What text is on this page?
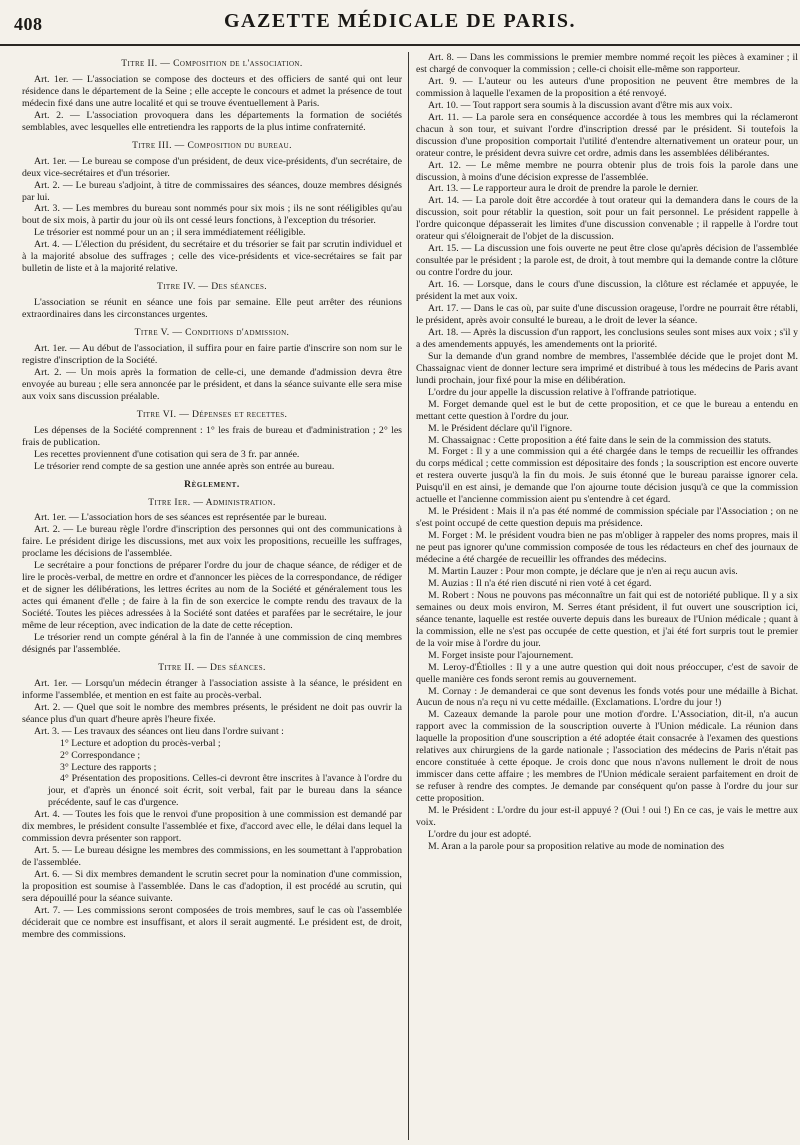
408	GAZETTE MÉDICALE DE PARIS.
Titre II. — Composition de l'association.

Art. 1er. — L'association se compose des docteurs et des officiers de santé qui ont leur résidence dans le département de la Seine ; elle accepte le concours et admet la présence de tout médecin fixé dans une autre localité et qui se trouve éventuellement à Paris.

Art. 2. — L'association provoquera dans les départements la formation de sociétés semblables, avec lesquelles elle entretiendra les rapports de la plus intime confraternité.

Titre III. — Composition du bureau.

Art. 1er. — Le bureau se compose d'un président, de deux vice-présidents, d'un secrétaire, de deux vice-secrétaires et d'un trésorier.

Art. 2. — Le bureau s'adjoint, à titre de commissaires des séances, douze membres désignés par lui.

Art. 3. — Les membres du bureau sont nommés pour six mois ; ils ne sont rééligibles qu'au bout de six mois, à partir du jour où ils ont cessé leurs fonctions, à l'exception du trésorier.

Le trésorier est nommé pour un an ; il sera immédiatement rééligible.

Art. 4. — L'élection du président, du secrétaire et du trésorier se fait par scrutin individuel et à la majorité absolue des suffrages ; celle des vice-présidents et vice-secrétaires se fait par bulletin de liste et à la majorité relative.

Titre IV. — Des séances.

L'association se réunit en séance une fois par semaine. Elle peut arrêter des réunions extraordinaires dans les circonstances urgentes.

Titre V. — Conditions d'admission.

Art. 1er. — Au début de l'association, il suffira pour en faire partie d'inscrire son nom sur le registre d'inscription de la Société.

Art. 2. — Un mois après la formation de celle-ci, une demande d'admission devra être envoyée au bureau ; elle sera annoncée par le président, et dans la séance suivante elle sera mise aux voix sans discussion préalable.

Titre VI. — Dépenses et recettes.

Les dépenses de la Société comprennent : 1° les frais de bureau et d'administration ; 2° les frais de publication.

Les recettes proviennent d'une cotisation qui sera de 3 fr. par année.

Le trésorier rend compte de sa gestion une année après son entrée au bureau.

Règlement.
Titre Ier. — Administration.

Art. 1er. — L'association hors de ses séances est représentée par le bureau.

Art. 2. — Le bureau règle l'ordre d'inscription des personnes qui ont des communications à faire. Le président dirige les discussions, met aux voix les propositions, recueille les suffrages, proclame les décisions de l'assemblée.

Le secrétaire a pour fonctions de préparer l'ordre du jour de chaque séance, de rédiger et de lire le procès-verbal, de mettre en ordre et d'annoncer les pièces de la correspondance, de rédiger et de signer les délibérations, les lettres écrites au nom de la Société et généralement tous les actes qui émanent d'elle ; de faire à la fin de son exercice le compte rendu des travaux de la Société. Toutes les pièces adressées à la Société sont datées et parafées par le secrétaire, le jour même de leur réception, avec indication de la date de cette réception.

Le trésorier rend un compte général à la fin de l'année à une commission de cinq membres désignés par l'assemblée.

Titre II. — Des séances.

Art. 1er. — Lorsqu'un médecin étranger à l'association assiste à la séance, le président en informe l'assemblée, et mention en est faite au procès-verbal.

Art. 2. — Quel que soit le nombre des membres présents, le président ne doit pas ouvrir la séance plus d'un quart d'heure après l'heure fixée.

Art. 3. — Les travaux des séances ont lieu dans l'ordre suivant :

1° Lecture et adoption du procès-verbal ;

2° Correspondance ;

3° Lecture des rapports ;

4° Présentation des propositions. Celles-ci devront être inscrites à l'avance à l'ordre du jour, et d'après un énoncé soit écrit, soit verbal, fait par le bureau dans la séance précédente, sauf le cas d'urgence.

Art. 4. — Toutes les fois que le renvoi d'une proposition à une commission est demandé par dix membres, le président consulte l'assemblée et fixe, d'accord avec elle, le délai dans lequel la commission devra présenter son rapport.

Art. 5. — Le bureau désigne les membres des commissions, en les soumettant à l'approbation de l'assemblée.

Art. 6. — Si dix membres demandent le scrutin secret pour la nomination d'une commission, la proposition est soumise à l'assemblée. Dans le cas d'adoption, il est procédé au scrutin, qui sera dépouillé pour la séance suivante.

Art. 7. — Les commissions seront composées de trois membres, sauf le cas où l'assemblée déciderait que ce nombre est insuffisant, et alors il serait augmenté. Le président est, de droit, membre des commissions.

Art. 8. — Dans les commissions le premier membre nommé reçoit les pièces à examiner ; il est chargé de convoquer la commission ; celle-ci choisit elle-même son rapporteur.

Art. 9. — L'auteur ou les auteurs d'une proposition ne peuvent être membres de la commission à laquelle l'examen de la proposition a été renvoyé.

Art. 10. — Tout rapport sera soumis à la discussion avant d'être mis aux voix.

Art. 11. — La parole sera en conséquence accordée à tous les membres qui la réclameront chacun à son tour, et suivant l'ordre d'inscription dressé par le président. Si toutefois la discussion d'une proposition comportait l'utilité d'entendre alternativement un orateur pour, un orateur contre, le président devra suivre cet ordre, admis dans les assemblées délibérantes.

Art. 12. — Le même membre ne pourra obtenir plus de trois fois la parole dans une discussion, à moins d'une décision expresse de l'assemblée.

Art. 13. — Le rapporteur aura le droit de prendre la parole le dernier.

Art. 14. — La parole doit être accordée à tout orateur qui la demandera dans le cours de la discussion, soit pour rétablir la question, soit pour un fait personnel. Le président rappelle à l'ordre quiconque dépasserait les limites d'une discussion convenable ; il rappelle à l'ordre tout orateur qui s'éloignerait de l'objet de la discussion.

Art. 15. — La discussion une fois ouverte ne peut être close qu'après décision de l'assemblée consultée par le président ; la parole est, de droit, à tout membre qui la demande contre la clôture ou contre l'ordre du jour.

Art. 16. — Lorsque, dans le cours d'une discussion, la clôture est réclamée et appuyée, le président la met aux voix.

Art. 17. — Dans le cas où, par suite d'une discussion orageuse, l'ordre ne pourrait être rétabli, le président, après avoir consulté le bureau, a le droit de lever la séance.

Art. 18. — Après la discussion d'un rapport, les conclusions seules sont mises aux voix ; s'il y a des amendements appuyés, les amendements ont la priorité.

Sur la demande d'un grand nombre de membres, l'assemblée décide que le projet dont M. Chassaignac vient de donner lecture sera imprimé et distribué à tous les médecins de Paris avant lundi prochain, jour fixé pour la mise en délibération.

L'ordre du jour appelle la discussion relative à l'offrande patriotique.

M. Forget demande quel est le but de cette proposition, et ce que le bureau a entendu en mettant cette question à l'ordre du jour.

M. le Président déclare qu'il l'ignore.

M. Chassaignac : Cette proposition a été faite dans le sein de la commission des statuts.

M. Forget : Il y a une commission qui a été chargée dans le temps de recueillir les offrandes du corps médical ; cette commission est dépositaire des fonds ; la souscription est encore ouverte et restera ouverte jusqu'à la fin du mois. Je suis étonné que le bureau paraisse ignorer cela. Puisqu'il en est ainsi, je demande que l'on ajourne toute décision jusqu'à ce que la commission actuelle et l'ancienne commission aient pu s'entendre à cet égard.

M. le Président : Mais il n'a pas été nommé de commission spéciale par l'Association ; on ne s'est point occupé de cette question depuis ma présidence.

M. Forget : M. le président voudra bien ne pas m'obliger à rappeler des noms propres, mais il ne peut pas ignorer qu'une commission composée de tous les rédacteurs en chef des journaux de médecine a été chargée de recueillir les offrandes des médecins.

M. Martin Lauzer : Pour mon compte, je déclare que je n'en ai reçu aucun avis.

M. Auzias : Il n'a été rien discuté ni rien voté à cet égard.

M. Robert : Nous ne pouvons pas méconnaître un fait qui est de notoriété publique. Il y a six semaines ou deux mois environ, M. Serres étant président, il fut ouvert une souscription ici, séance tenante, laquelle est restée ouverte depuis dans les bureaux de l'Union médicale ; quant à la commission, elle ne s'est pas occupée de cette question, et j'ai été fort surpris tout le premier de la voir mise à l'ordre du jour.

M. Forget insiste pour l'ajournement.

M. Leroy-d'Étiolles : Il y a une autre question qui doit nous préoccuper, c'est de savoir de quelle manière ces fonds seront remis au gouvernement.

M. Cornay : Je demanderai ce que sont devenus les fonds votés pour une médaille à Bichat. Aucun de nous n'a reçu ni vu cette médaille. (Exclamations. L'ordre du jour !)

M. Cazeaux demande la parole pour une motion d'ordre. L'Association, dit-il, n'a aucun rapport avec la commission de la souscription ouverte à l'Union médicale. La réunion dans laquelle la proposition d'une souscription a été adoptée était consacrée à l'examen des questions relatives aux chirurgiens de la garde nationale ; l'association des médecins de Paris n'était pas encore constituée à cette époque. Je crois donc que nous n'avons nullement le droit de nous immiscer dans cette affaire ; les membres de l'Union médicale seraient parfaitement en droit de se refuser à rendre des comptes. Je demande par conséquent qu'on passe à l'ordre du jour sur cette proposition.

M. le Président : L'ordre du jour est-il appuyé ? (Oui ! oui !) En ce cas, je vais le mettre aux voix.

L'ordre du jour est adopté.

M. Aran a la parole pour sa proposition relative au mode de nomination des
